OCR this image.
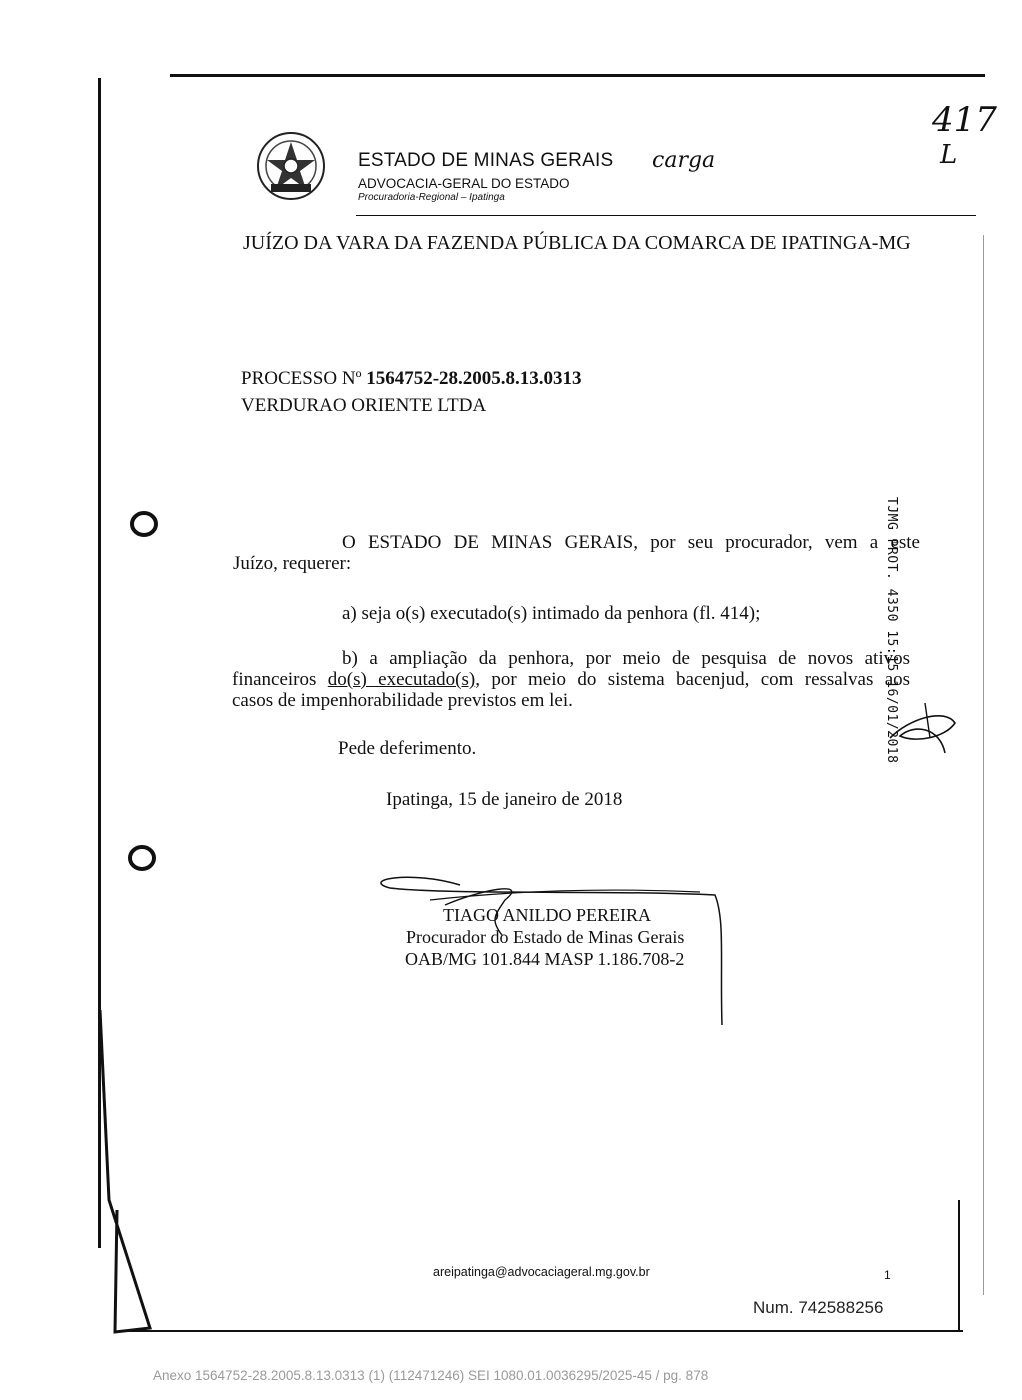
ESTADO DE MINAS GERAIS
ADVOCACIA-GERAL DO ESTADO
Procuradoria-Regional – Ipatinga
417
L
carga
JUÍZO DA VARA DA FAZENDA PÚBLICA DA COMARCA DE IPATINGA-MG
PROCESSO Nº 1564752-28.2005.8.13.0313
VERDURAO ORIENTE LTDA
O ESTADO DE MINAS GERAIS, por seu procurador, vem a este
Juízo, requerer:
a) seja o(s) executado(s) intimado da penhora (fl. 414);
b) a ampliação da penhora, por meio de pesquisa de novos ativos
financeiros do(s) executado(s), por meio do sistema bacenjud, com ressalvas aos
casos de impenhorabilidade previstos em lei.
Pede deferimento.
Ipatinga, 15 de janeiro de 2018
TJMG PROT. 4350 15:15 16/01/2018
TIAGO ANILDO PEREIRA
Procurador do Estado de Minas Gerais
OAB/MG 101.844 MASP 1.186.708-2
areipatinga@advocaciageral.mg.gov.br	1
Num. 742588256
Anexo 1564752-28.2005.8.13.0313 (1) (112471246) SEI 1080.01.0036295/2025-45 / pg. 878
